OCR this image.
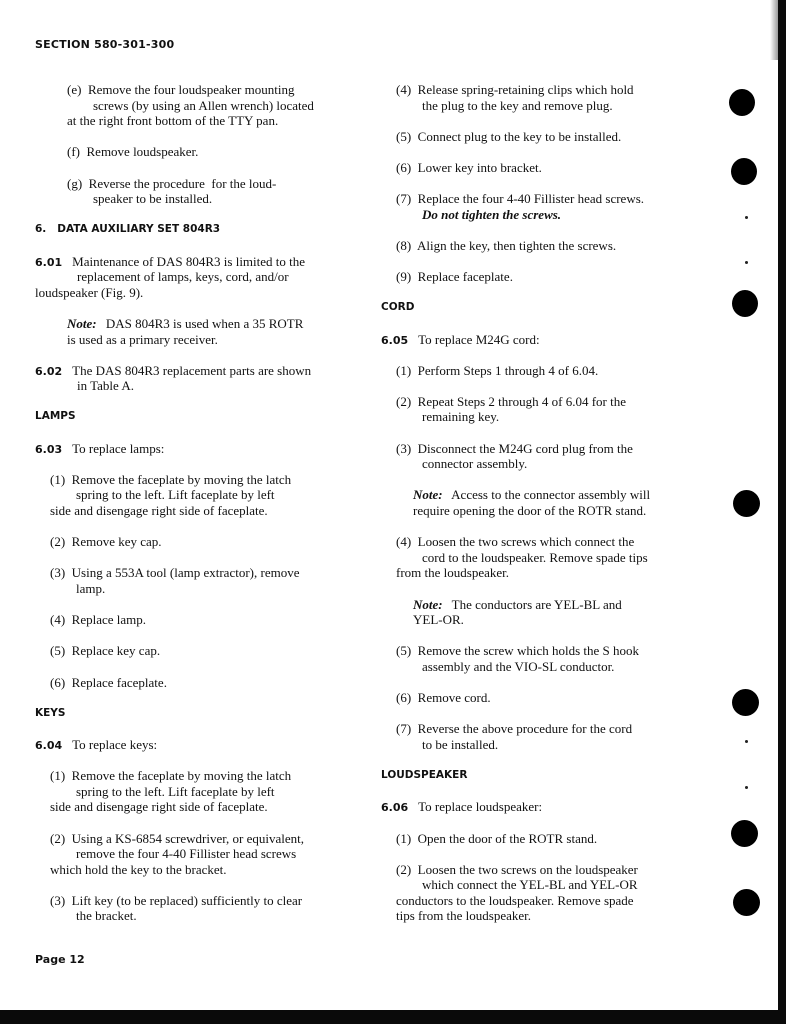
SECTION 580-301-300
(e) Remove the four loudspeaker mounting
screws (by using an Allen wrench) located
at the right front bottom of the TTY pan.
(f) Remove loudspeaker.
(g) Reverse the procedure  for the loud-
speaker to be installed.
6.   DATA AUXILIARY SET 804R3
6.01 Maintenance of DAS 804R3 is limited to the
replacement of lamps, keys, cord, and/or
loudspeaker (Fig. 9).
Note: DAS 804R3 is used when a 35 ROTR
is used as a primary receiver.
6.02 The DAS 804R3 replacement parts are shown
in Table A.
LAMPS
6.03 To replace lamps:
(1) Remove the faceplate by moving the latch
spring to the left. Lift faceplate by left
side and disengage right side of faceplate.
(2) Remove key cap.
(3) Using a 553A tool (lamp extractor), remove
lamp.
(4) Replace lamp.
(5) Replace key cap.
(6) Replace faceplate.
KEYS
6.04 To replace keys:
(1) Remove the faceplate by moving the latch
spring to the left. Lift faceplate by left
side and disengage right side of faceplate.
(2) Using a KS-6854 screwdriver, or equivalent,
remove the four 4-40 Fillister head screws
which hold the key to the bracket.
(3) Lift key (to be replaced) sufficiently to clear
the bracket.
Page 12
(4) Release spring-retaining clips which hold
the plug to the key and remove plug.
(5) Connect plug to the key to be installed.
(6) Lower key into bracket.
(7) Replace the four 4-40 Fillister head screws.
Do not tighten the screws.
(8) Align the key, then tighten the screws.
(9) Replace faceplate.
CORD
6.05 To replace M24G cord:
(1) Perform Steps 1 through 4 of 6.04.
(2) Repeat Steps 2 through 4 of 6.04 for the
remaining key.
(3) Disconnect the M24G cord plug from the
connector assembly.
Note: Access to the connector assembly will
require opening the door of the ROTR stand.
(4) Loosen the two screws which connect the
cord to the loudspeaker. Remove spade tips
from the loudspeaker.
Note: The conductors are YEL-BL and
YEL-OR.
(5) Remove the screw which holds the S hook
assembly and the VIO-SL conductor.
(6) Remove cord.
(7) Reverse the above procedure for the cord
to be installed.
LOUDSPEAKER
6.06 To replace loudspeaker:
(1) Open the door of the ROTR stand.
(2) Loosen the two screws on the loudspeaker
which connect the YEL-BL and YEL-OR
conductors to the loudspeaker. Remove spade
tips from the loudspeaker.
